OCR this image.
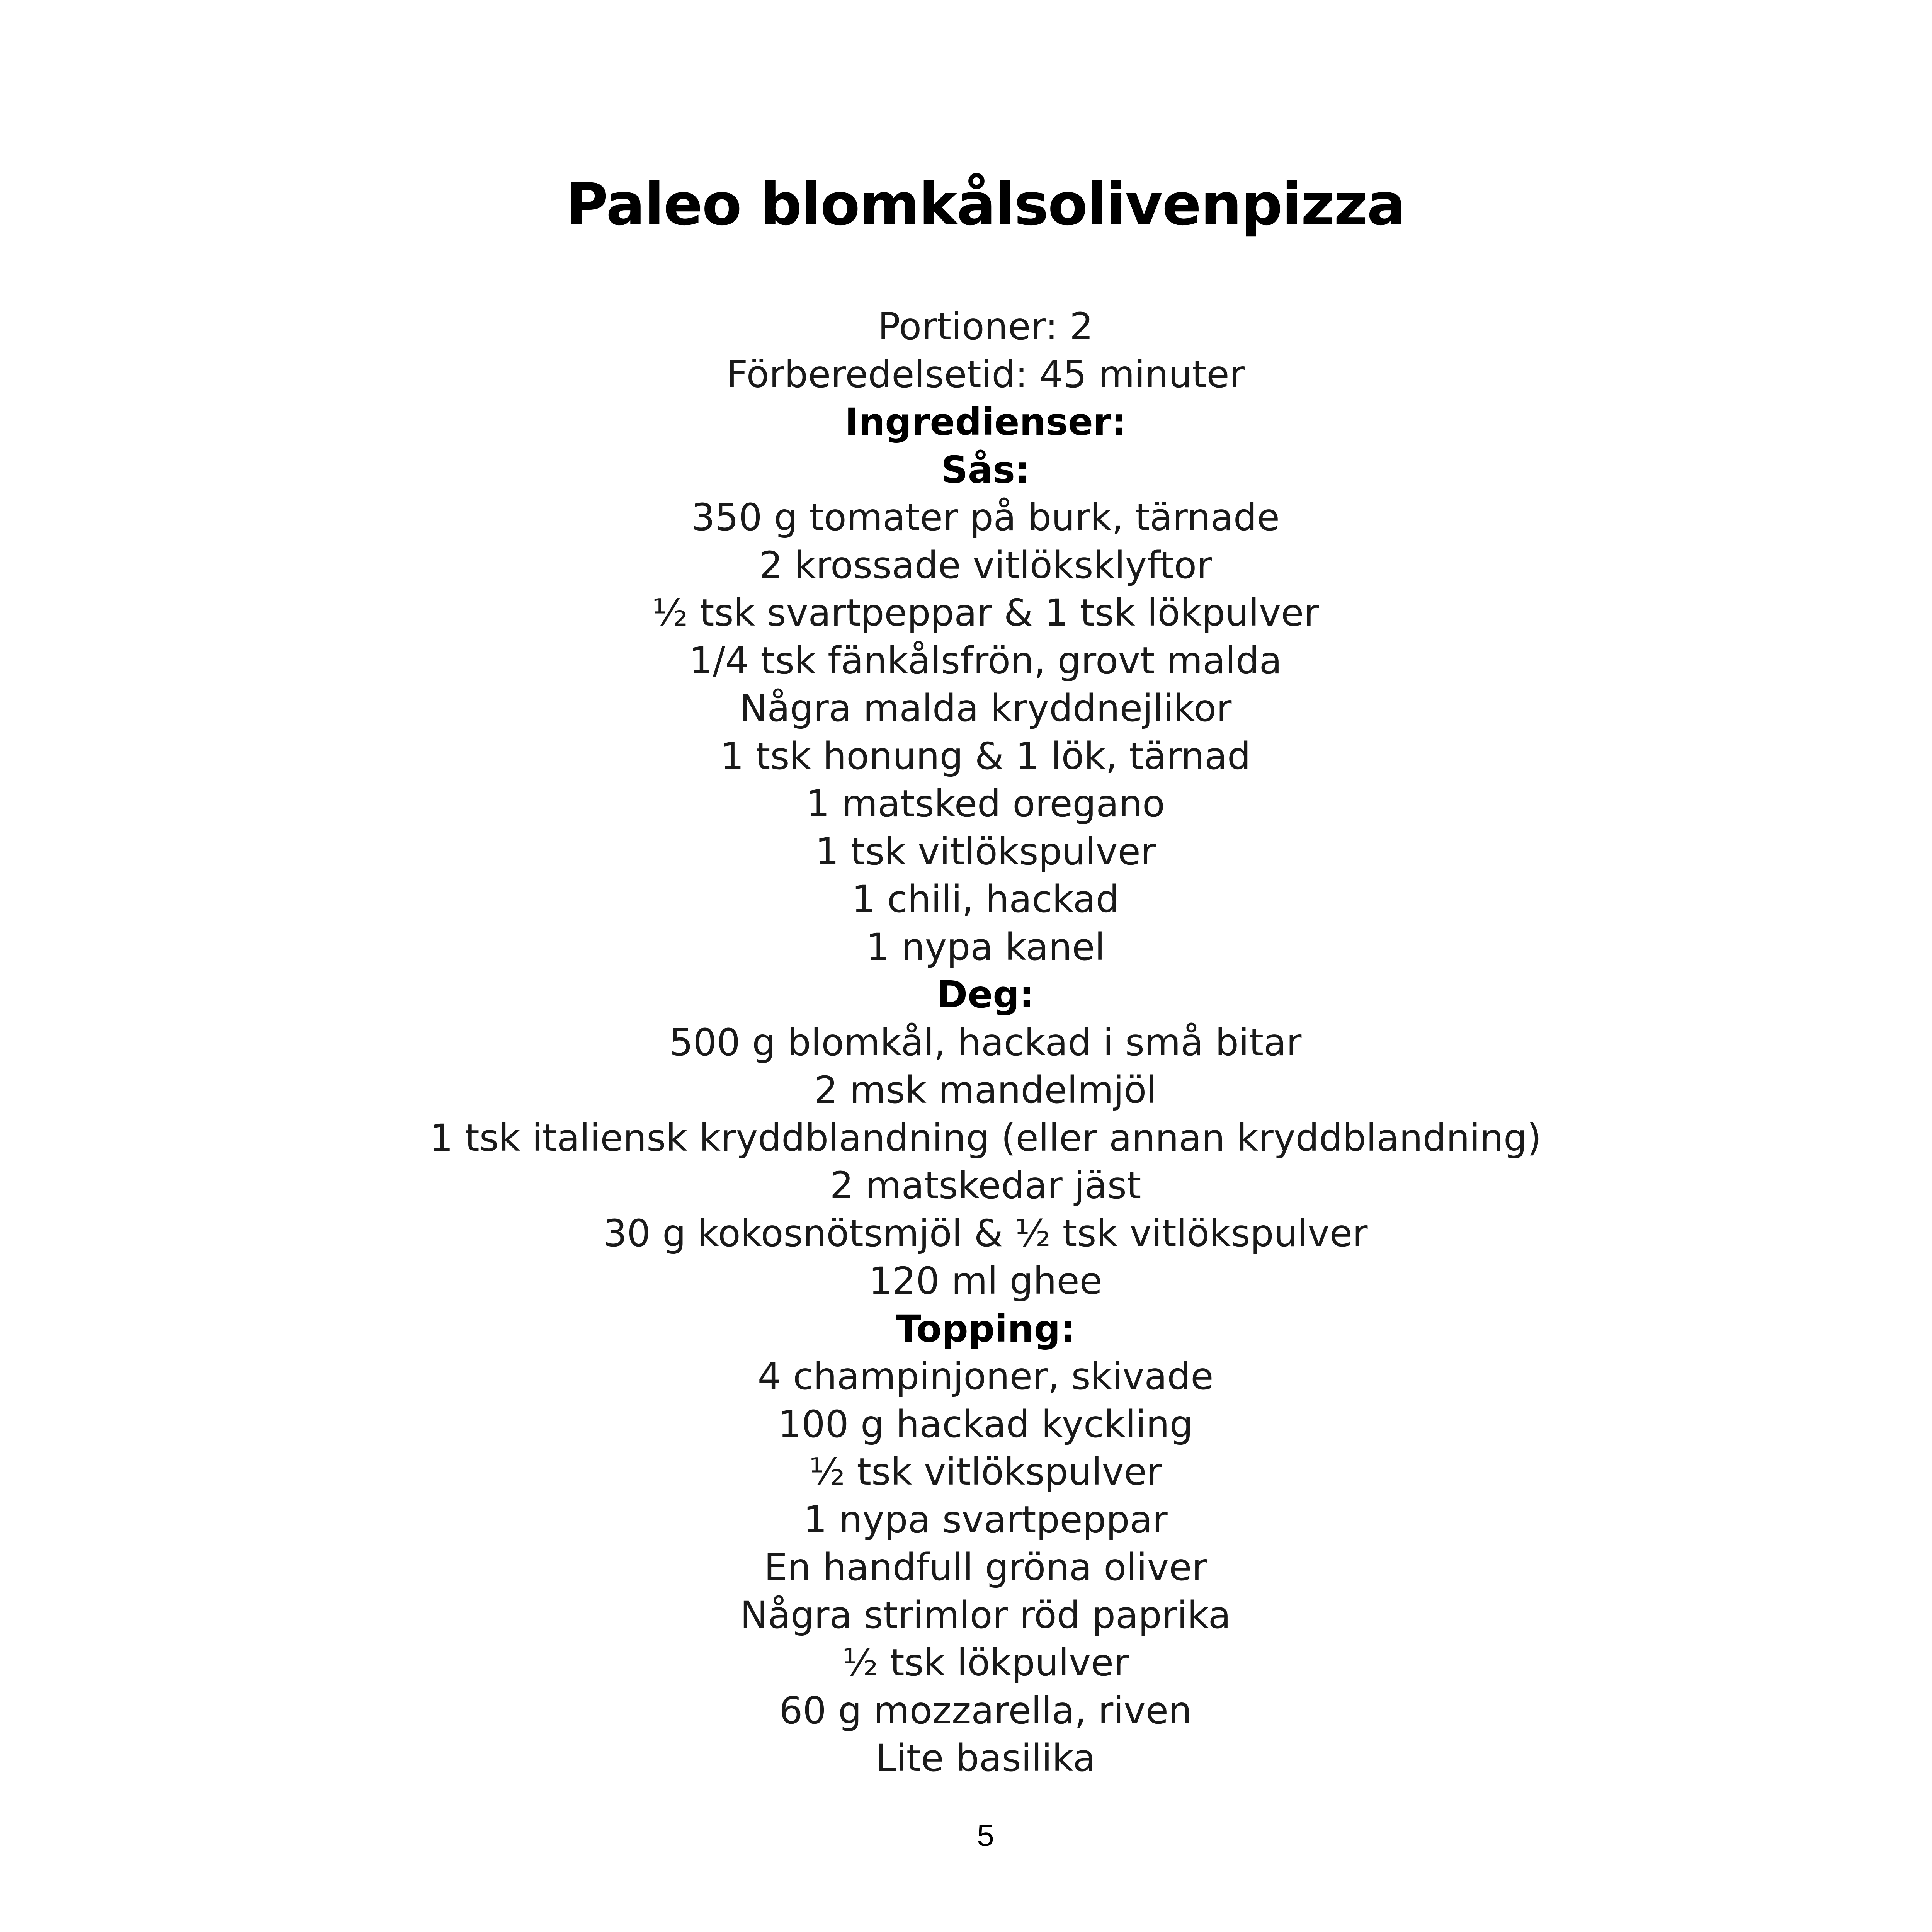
Paleo blomkålsolivenpizza
Portioner: 2
Förberedelsetid: 45 minuter
Ingredienser:
Sås:
350 g tomater på burk, tärnade
2 krossade vitlöksklyftor
½ tsk svartpeppar & 1 tsk lökpulver
1/4 tsk fänkålsfrön, grovt malda
Några malda kryddnejlikor
1 tsk honung & 1 lök, tärnad
1 matsked oregano
1 tsk vitlökspulver
1 chili, hackad
1 nypa kanel
Deg:
500 g blomkål, hackad i små bitar
2 msk mandelmjöl
1 tsk italiensk kryddblandning (eller annan kryddblandning)
2 matskedar jäst
30 g kokosnötsmjöl & ½ tsk vitlökspulver
120 ml ghee
Topping:
4 champinjoner, skivade
100 g hackad kyckling
½ tsk vitlökspulver
1 nypa svartpeppar
En handfull gröna oliver
Några strimlor röd paprika
½ tsk lökpulver
60 g mozzarella, riven
Lite basilika
5
